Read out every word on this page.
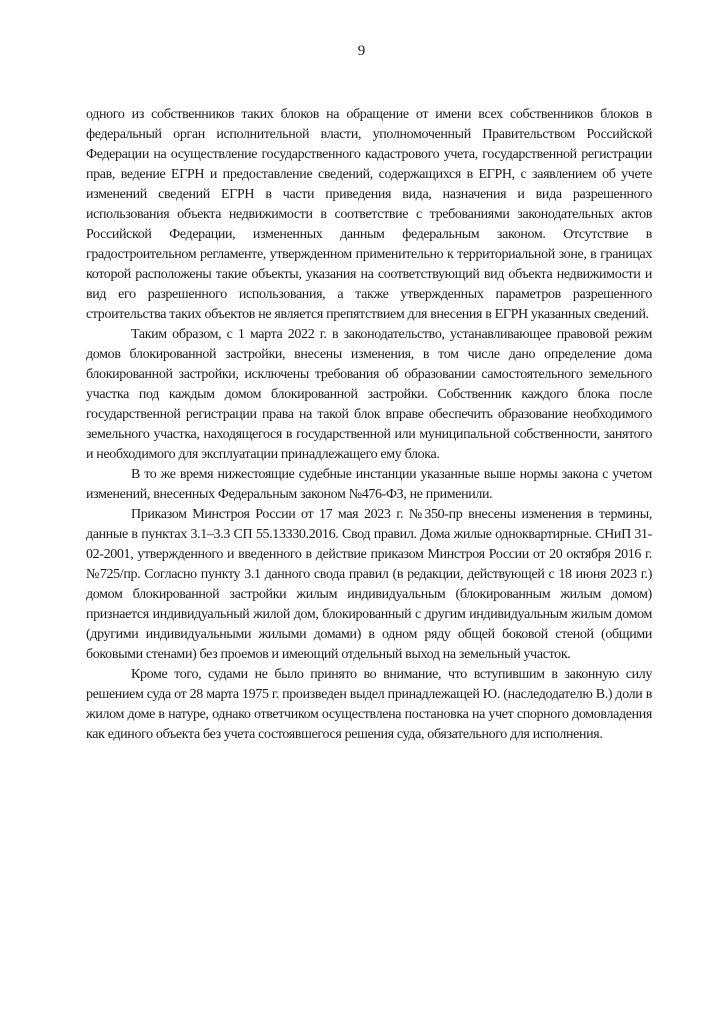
9

одного из собственников таких блоков на обращение от имени всех собственников блоков в федеральный орган исполнительной власти, уполномоченный Правительством Российской Федерации на осуществление государственного кадастрового учета, государственной регистрации прав, ведение ЕГРН и предоставление сведений, содержащихся в ЕГРН, с заявлением об учете изменений сведений ЕГРН в части приведения вида, назначения и вида разрешенного использования объекта недвижимости в соответствие с требованиями законодательных актов Российской Федерации, измененных данным федеральным законом. Отсутствие в градостроительном регламенте, утвержденном применительно к территориальной зоне, в границах которой расположены такие объекты, указания на соответствующий вид объекта недвижимости и вид его разрешенного использования, а также утвержденных параметров разрешенного строительства таких объектов не является препятствием для внесения в ЕГРН указанных сведений.

Таким образом, с 1 марта 2022 г. в законодательство, устанавливающее правовой режим домов блокированной застройки, внесены изменения, в том числе дано определение дома блокированной застройки, исключены требования об образовании самостоятельного земельного участка под каждым домом блокированной застройки. Собственник каждого блока после государственной регистрации права на такой блок вправе обеспечить образование необходимого земельного участка, находящегося в государственной или муниципальной собственности, занятого и необходимого для эксплуатации принадлежащего ему блока.

В то же время нижестоящие судебные инстанции указанные выше нормы закона с учетом изменений, внесенных Федеральным законом №476-ФЗ, не применили.

Приказом Минстроя России от 17 мая 2023 г. №350-пр внесены изменения в термины, данные в пунктах 3.1–3.3 СП 55.13330.2016. Свод правил. Дома жилые одноквартирные. СНиП 31-02-2001, утвержденного и введенного в действие приказом Минстроя России от 20 октября 2016 г. №725/пр. Согласно пункту 3.1 данного свода правил (в редакции, действующей с 18 июня 2023 г.) домом блокированной застройки жилым индивидуальным (блокированным жилым домом) признается индивидуальный жилой дом, блокированный с другим индивидуальным жилым домом (другими индивидуальными жилыми домами) в одном ряду общей боковой стеной (общими боковыми стенами) без проемов и имеющий отдельный выход на земельный участок.

Кроме того, судами не было принято во внимание, что вступившим в законную силу решением суда от 28 марта 1975 г. произведен выдел принадлежащей Ю. (наследодателю В.) доли в жилом доме в натуре, однако ответчиком осуществлена постановка на учет спорного домовладения как единого объекта без учета состоявшегося решения суда, обязательного для исполнения.
